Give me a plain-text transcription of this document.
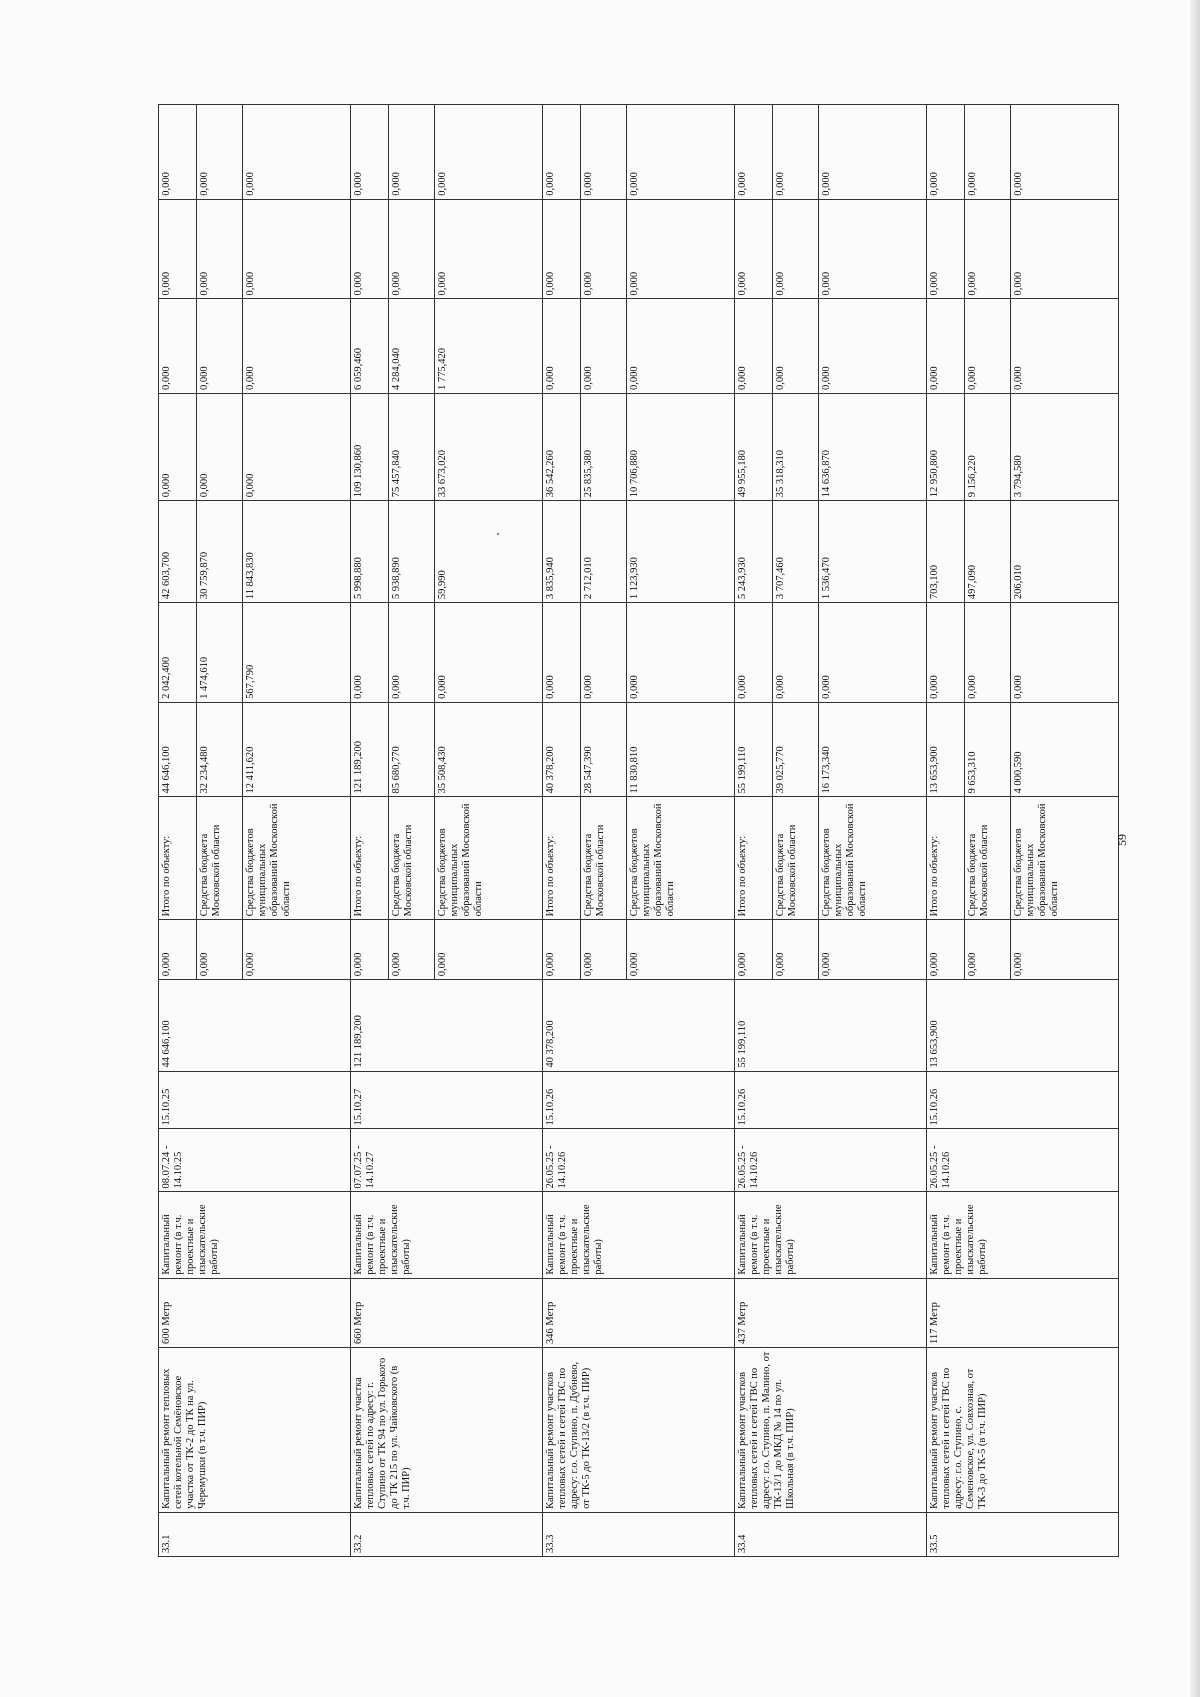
33.1	Капитальный ремонт тепловых сетей котельной Семёновское участка от ТК-2 до ТК на ул. Черемушки (в т.ч. ПИР)	600 Метр	Капитальный ремонт (в т.ч. проектные и изыскательские работы)	08.07.24 - 14.10.25	15.10.25	44 646,100	0,000	Итого по объекту:	44 646,100	2 042,400	42 603,700	0,000	0,000	0,000	0,000
							0,000	Средства бюджета Московской области	32 234,480	1 474,610	30 759,870	0,000	0,000	0,000	0,000
							0,000	Средства бюджетов муниципальных образований Московской области	12 411,620	567,790	11 843,830	0,000	0,000	0,000	0,000
33.2	Капитальный ремонт участка тепловых сетей по адресу: г. Ступино от ТК 94 по ул. Горького до ТК 215 по ул. Чайковского (в т.ч. ПИР)	660 Метр	Капитальный ремонт (в т.ч. проектные и изыскательские работы)	07.07.25 - 14.10.27	15.10.27	121 189,200	0,000	Итого по объекту:	121 189,200	0,000	5 998,880	109 130,860	6 059,460	0,000	0,000
							0,000	Средства бюджета Московской области	85 680,770	0,000	5 938,890	75 457,840	4 284,040	0,000	0,000
							0,000	Средства бюджетов муниципальных образований Московской области	35 508,430	0,000	59,990	33 673,020	1 775,420	0,000	0,000
33.3	Капитальный ремонт участков тепловых сетей и сетей ГВС по адресу: г.о. Ступино, п. Дубнево, от ТК-5 до ТК-13/2 (в т.ч. ПИР)	346 Метр	Капитальный ремонт (в т.ч. проектные и изыскательские работы)	26.05.25 - 14.10.26	15.10.26	40 378,200	0,000	Итого по объекту:	40 378,200	0,000	3 835,940	36 542,260	0,000	0,000	0,000
							0,000	Средства бюджета Московской области	28 547,390	0,000	2 712,010	25 835,380	0,000	0,000	0,000
							0,000	Средства бюджетов муниципальных образований Московской области	11 830,810	0,000	1 123,930	10 706,880	0,000	0,000	0,000
33.4	Капитальный ремонт участков тепловых сетей и сетей ГВС по адресу: г.о. Ступино, п. Малино, от ТК-13/1 до МКД № 14 по ул. Школьная (в т.ч. ПИР)	437 Метр	Капитальный ремонт (в т.ч. проектные и изыскательские работы)	26.05.25 - 14.10.26	15.10.26	55 199,110	0,000	Итого по объекту:	55 199,110	0,000	5 243,930	49 955,180	0,000	0,000	0,000
							0,000	Средства бюджета Московской области	39 025,770	0,000	3 707,460	35 318,310	0,000	0,000	0,000
							0,000	Средства бюджетов муниципальных образований Московской области	16 173,340	0,000	1 536,470	14 636,870	0,000	0,000	0,000
33.5	Капитальный ремонт участков тепловых сетей и сетей ГВС по адресу: г.о. Ступино, с. Семеновское, ул. Совхозная, от ТК-3 до ТК-5 (в т.ч. ПИР)	117 Метр	Капитальный ремонт (в т.ч. проектные и изыскательские работы)	26.05.25 - 14.10.26	15.10.26	13 653,900	0,000	Итого по объекту:	13 653,900	0,000	703,100	12 950,800	0,000	0,000	0,000
							0,000	Средства бюджета Московской области	9 653,310	0,000	497,090	9 156,220	0,000	0,000	0,000
							0,000	Средства бюджетов муниципальных образований Московской области	4 000,590	0,000	206,010	3 794,580	0,000	0,000	0,000
59
